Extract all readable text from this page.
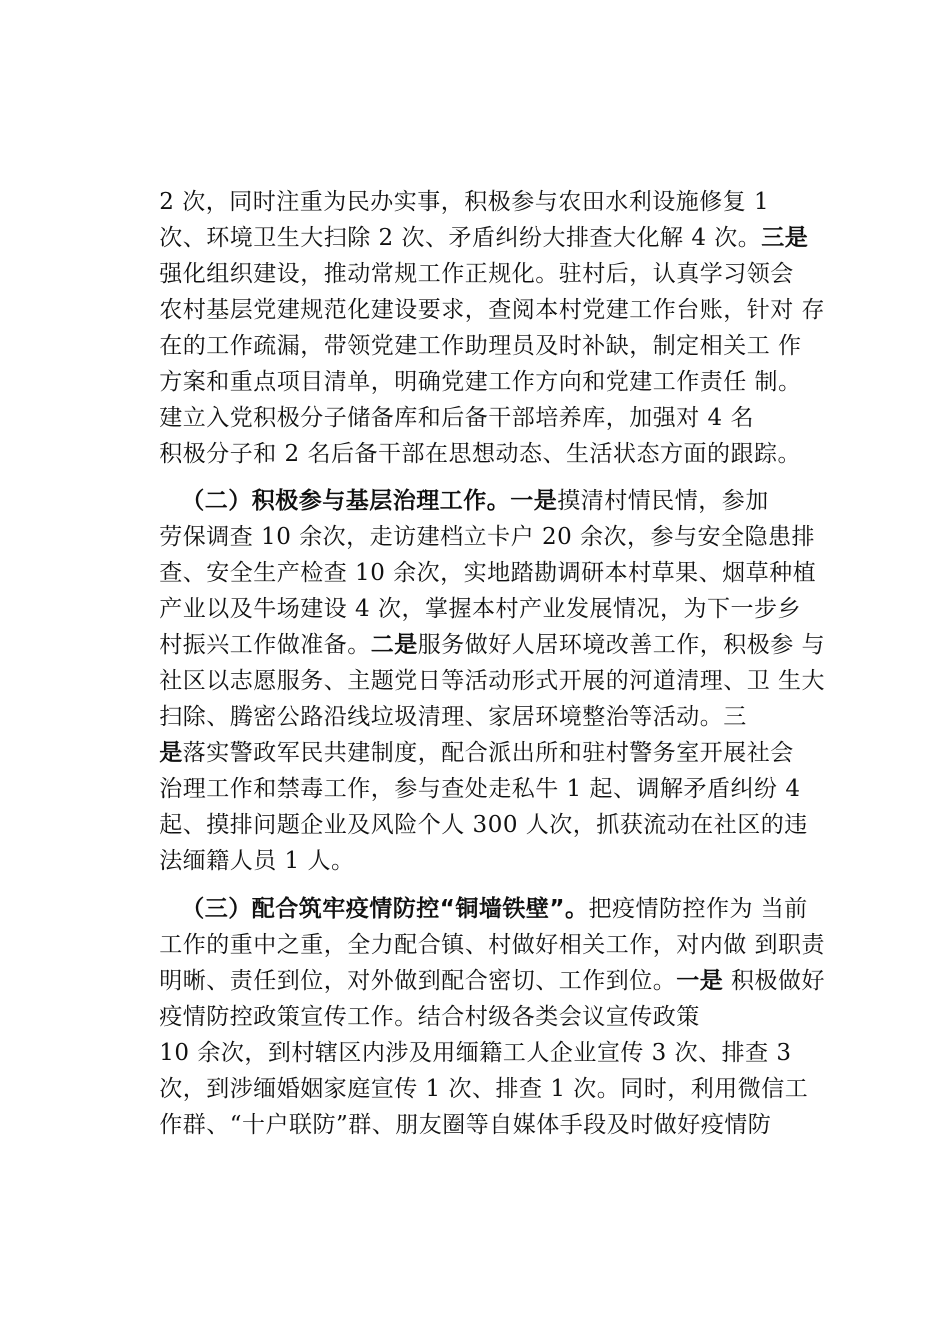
2 次，同时注重为民办实事，积极参与农田水利设施修复 1

次、环境卫生大扫除 2 次、矛盾纠纷大排查大化解 4 次。三是

强化组织建设，推动常规工作正规化。驻村后，认真学习领会

农村基层党建规范化建设要求，查阅本村党建工作台账，针对 存

在的工作疏漏，带领党建工作助理员及时补缺，制定相关工 作

方案和重点项目清单，明确党建工作方向和党建工作责任 制。

建立入党积极分子储备库和后备干部培养库，加强对 4 名

积极分子和 2 名后备干部在思想动态、生活状态方面的跟踪。

（二）积极参与基层治理工作。一是摸清村情民情，参加

劳保调查 10 余次，走访建档立卡户 20 余次，参与安全隐患排

查、安全生产检查 10 余次，实地踏勘调研本村草果、烟草种植

产业以及牛场建设 4 次，掌握本村产业发展情况，为下一步乡

村振兴工作做准备。二是服务做好人居环境改善工作，积极参 与

社区以志愿服务、主题党日等活动形式开展的河道清理、卫 生大

扫除、腾密公路沿线垃圾清理、家居环境整治等活动。三

是落实警政军民共建制度，配合派出所和驻村警务室开展社会

治理工作和禁毒工作，参与查处走私牛 1 起、调解矛盾纠纷 4

起、摸排问题企业及风险个人 300 人次，抓获流动在社区的违

法缅籍人员 1 人。

（三）配合筑牢疫情防控“铜墙铁壁”。把疫情防控作为 当前

工作的重中之重，全力配合镇、村做好相关工作，对内做 到职责

明晰、责任到位，对外做到配合密切、工作到位。一是 积极做好

疫情防控政策宣传工作。结合村级各类会议宣传政策

10 余次，到村辖区内涉及用缅籍工人企业宣传 3 次、排查 3

次，到涉缅婚姻家庭宣传 1 次、排查 1 次。同时，利用微信工

作群、“十户联防”群、朋友圈等自媒体手段及时做好疫情防
